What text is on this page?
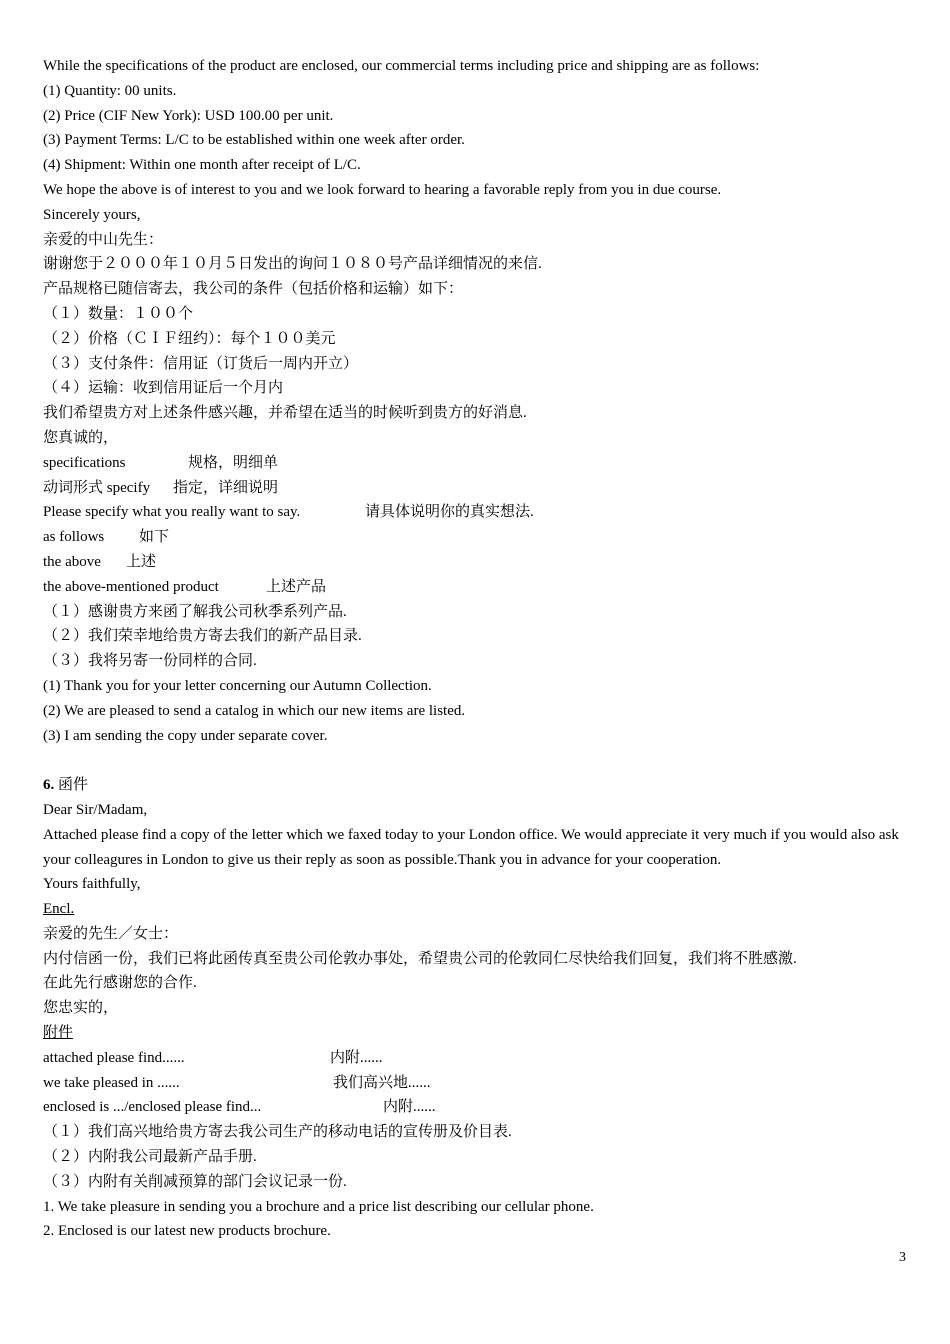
While the specifications of the product are enclosed, our commercial terms including price and shipping are as follows:
(1) Quantity: 00 units.
(2) Price (CIF New York): USD 100.00 per unit.
(3) Payment Terms: L/C to be established within one week after order.
(4) Shipment: Within one month after receipt of L/C.
We hope the above is of interest to you and we look forward to hearing a favorable reply from you in due course.
Sincerely yours,
亲爱的中山先生：
谢谢您于２０００年１０月５日发出的询问１０８０号产品详细情况的来信.
产品规格已随信寄去，我公司的条件（包括价格和运输）如下：
（１）数量：１００个
（２）价格（ＣＩＦ纽约）：每个１００美元
（３）支付条件：信用证（订货后一周内开立）
（４）运输：收到信用证后一个月内
我们希望贵方对上述条件感兴趣，并希望在适当的时候听到贵方的好消息.
您真诚的，
specifications	规格，明细单
动词形式 specify 指定，详细说明
Please specify what you really want to say.	请具体说明你的真实想法.
as follows 如下
the above 上述
the above-mentioned product	上述产品
（１）感谢贵方来函了解我公司秋季系列产品.
（２）我们荣幸地给贵方寄去我们的新产品目录.
（３）我将另寄一份同样的合同.
(1) Thank you for your letter concerning our Autumn Collection.
(2) We are pleased to send a catalog in which our new items are listed.
(3) I am sending the copy under separate cover.
6. 函件
Dear Sir/Madam,
Attached please find a copy of the letter which we faxed today to your London office. We would appreciate it very much if you would also ask your colleagures in London to give us their reply as soon as possible.Thank you in advance for your cooperation.
Yours faithfully,
Encl.
亲爱的先生／女士：
内付信函一份，我们已将此函传真至贵公司伦敦办事处，希望贵公司的伦敦同仁尽快给我们回复，我们将不胜感激.
在此先行感谢您的合作.
您忠实的，
附件
attached please find......	内附......
we take pleased in ......	我们高兴地......
enclosed is .../enclosed please find...	内附......
（１）我们高兴地给贵方寄去我公司生产的移动电话的宣传册及价目表.
（２）内附我公司最新产品手册.
（３）内附有关削减预算的部门会议记录一份.
1. We take pleasure in sending you a brochure and a price list describing our cellular phone.
2. Enclosed is our latest new products brochure.
3
